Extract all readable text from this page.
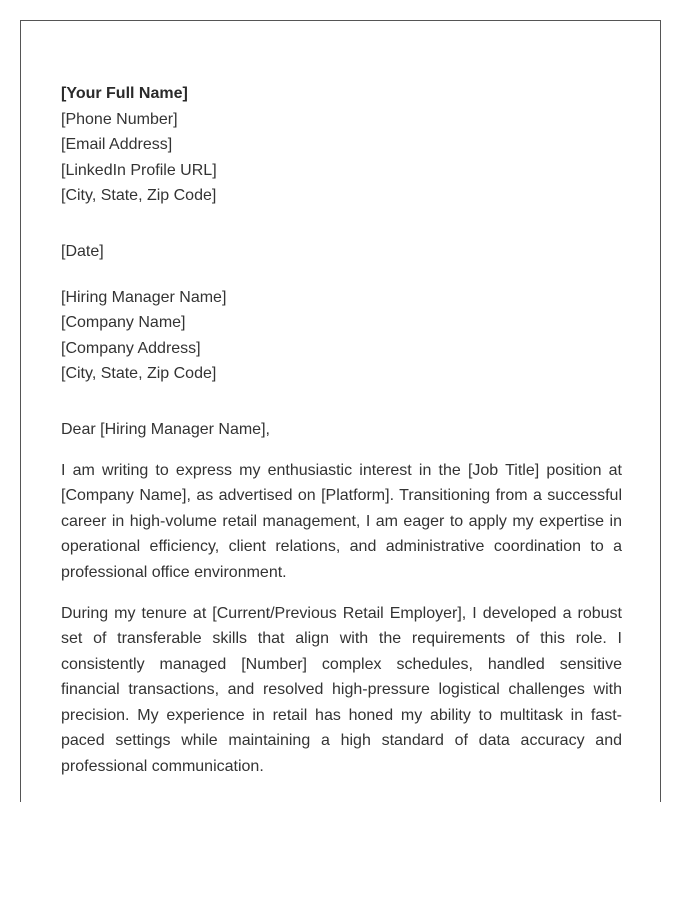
[Your Full Name]

[Phone Number]

[Email Address]

[LinkedIn Profile URL]

[City, State, Zip Code]

[Date]

[Hiring Manager Name]

[Company Name]

[Company Address]

[City, State, Zip Code]

Dear [Hiring Manager Name],

I am writing to express my enthusiastic interest in the [Job Title] position at [Company Name], as advertised on [Platform]. Transitioning from a successful career in high-volume retail management, I am eager to apply my expertise in operational efficiency, client relations, and administrative coordination to a professional office environment.

During my tenure at [Current/Previous Retail Employer], I developed a robust set of transferable skills that align with the requirements of this role. I consistently managed [Number] complex schedules, handled sensitive financial transactions, and resolved high-pressure logistical challenges with precision. My experience in retail has honed my ability to multitask in fast-paced settings while maintaining a high standard of data accuracy and professional communication.
